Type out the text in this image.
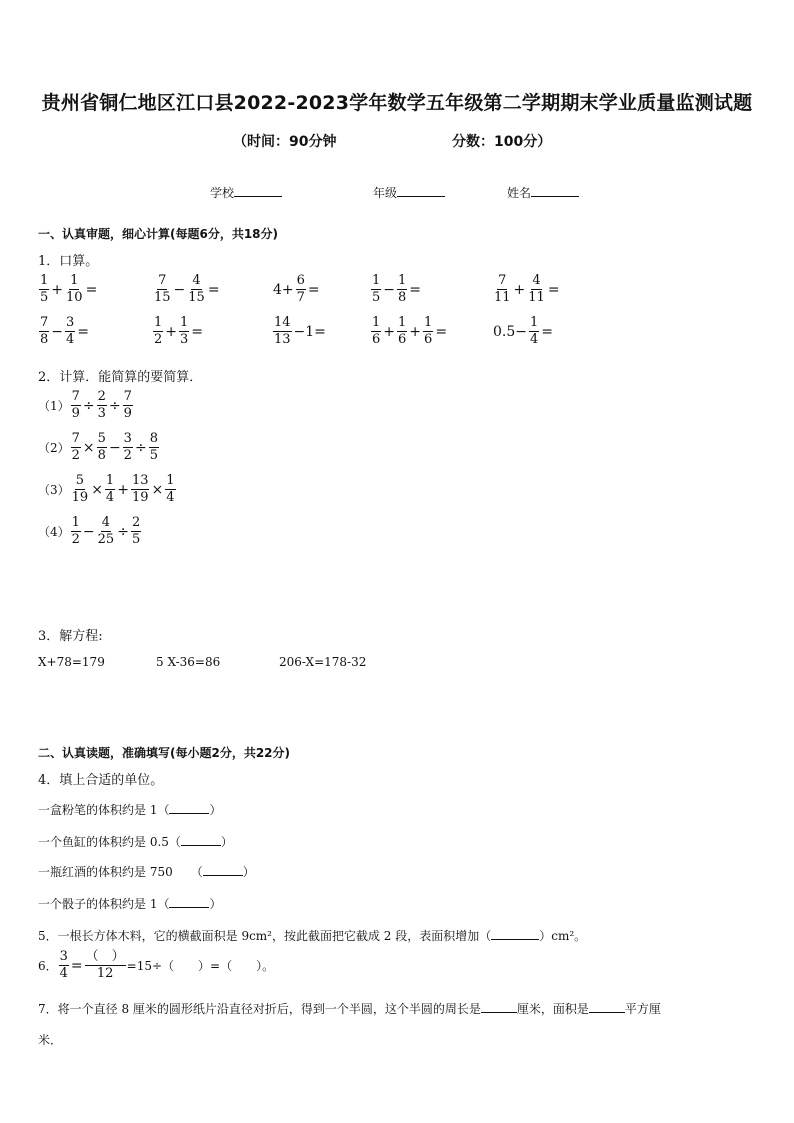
贵州省铜仁地区江口县2022-2023学年数学五年级第二学期期末学业质量监测试题
（时间：90分钟	分数：100分）
学校	年级	姓名
一、认真审题，细心计算(每题6分，共18分)
1．口算。
$\frac{1}{5} + \frac{1}{10}$ =	$\frac{7}{15} - \frac{4}{15}$ =	$4+ \frac{6}{7}$ =	$\frac{1}{5} - \frac{1}{8}$ =	$\frac{7}{11} + \frac{4}{11}$ =
$\frac{7}{8} - \frac{3}{4}$ =	$\frac{1}{2} + \frac{1}{3}$ =	$\frac{14}{13} -1=$	$\frac{1}{6} + \frac{1}{6} + \frac{1}{6}$ =	$0.5- \frac{1}{4}$ =
2．计算．能简算的要简算．
$(1) \frac{7}{9} \div \frac{2}{3} \div \frac{7}{9}$
$(2) \frac{7}{2} \times \frac{5}{8} - \frac{3}{2} \div \frac{8}{5}$
$(3) \frac{5}{19} \times \frac{1}{4} + \frac{13}{19} \times \frac{1}{4}$
$(4) \frac{1}{2} - \frac{4}{25} \div \frac{2}{5}$
3．解方程:
X+78=179	5 X-36=86	206-X=178-32
二、认真读题，准确填写(每小题2分，共22分)
4．填上合适的单位。
一盒粉笔的体积约是 1（	）
一个鱼缸的体积约是 0.5（	）
一瓶红酒的体积约是 750　　（	）
一个骰子的体积约是 1（	）
5．一根长方体木料，它的横截面积是 9cm²，按此截面把它截成 2 段，表面积增加（	）cm²。
6． $\frac{3}{4} = \frac{( )}{12} =15\div$（　　）=（　　）。
7．将一个直径 8 厘米的圆形纸片沿直径对折后，得到一个半圆，这个半圆的周长是	厘米，面积是	平方厘
米．
